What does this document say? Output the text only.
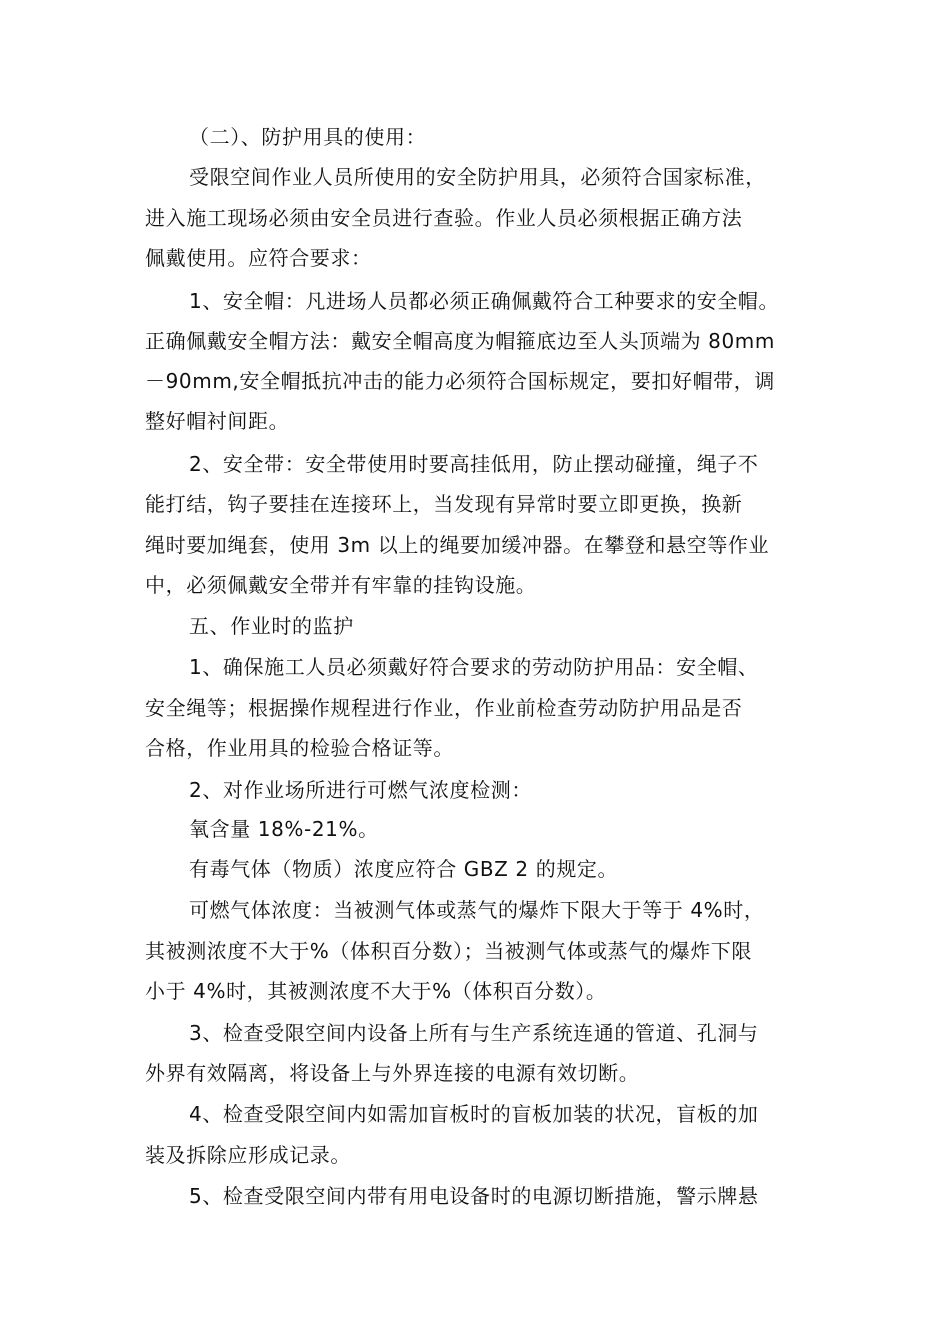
（二）、防护用具的使用：
受限空间作业人员所使用的安全防护用具，必须符合国家标准，
进入施工现场必须由安全员进行查验。作业人员必须根据正确方法
佩戴使用。应符合要求：
1、安全帽：凡进场人员都必须正确佩戴符合工种要求的安全帽。
正确佩戴安全帽方法：戴安全帽高度为帽箍底边至人头顶端为 80mm
－90mm,安全帽抵抗冲击的能力必须符合国标规定，要扣好帽带，调
整好帽衬间距。
2、安全带：安全带使用时要高挂低用，防止摆动碰撞，绳子不
能打结，钩子要挂在连接环上，当发现有异常时要立即更换，换新
绳时要加绳套，使用 3m 以上的绳要加缓冲器。在攀登和悬空等作业
中，必须佩戴安全带并有牢靠的挂钩设施。
五、作业时的监护
1、确保施工人员必须戴好符合要求的劳动防护用品：安全帽、
安全绳等；根据操作规程进行作业，作业前检查劳动防护用品是否
合格，作业用具的检验合格证等。
2、对作业场所进行可燃气浓度检测：
氧含量 18%-21%。
有毒气体（物质）浓度应符合 GBZ 2 的规定。
可燃气体浓度：当被测气体或蒸气的爆炸下限大于等于 4%时，
其被测浓度不大于%（体积百分数）；当被测气体或蒸气的爆炸下限
小于 4%时，其被测浓度不大于%（体积百分数）。
3、检查受限空间内设备上所有与生产系统连通的管道、孔洞与
外界有效隔离，将设备上与外界连接的电源有效切断。
4、检查受限空间内如需加盲板时的盲板加装的状况，盲板的加
装及拆除应形成记录。
5、检查受限空间内带有用电设备时的电源切断措施，警示牌悬
